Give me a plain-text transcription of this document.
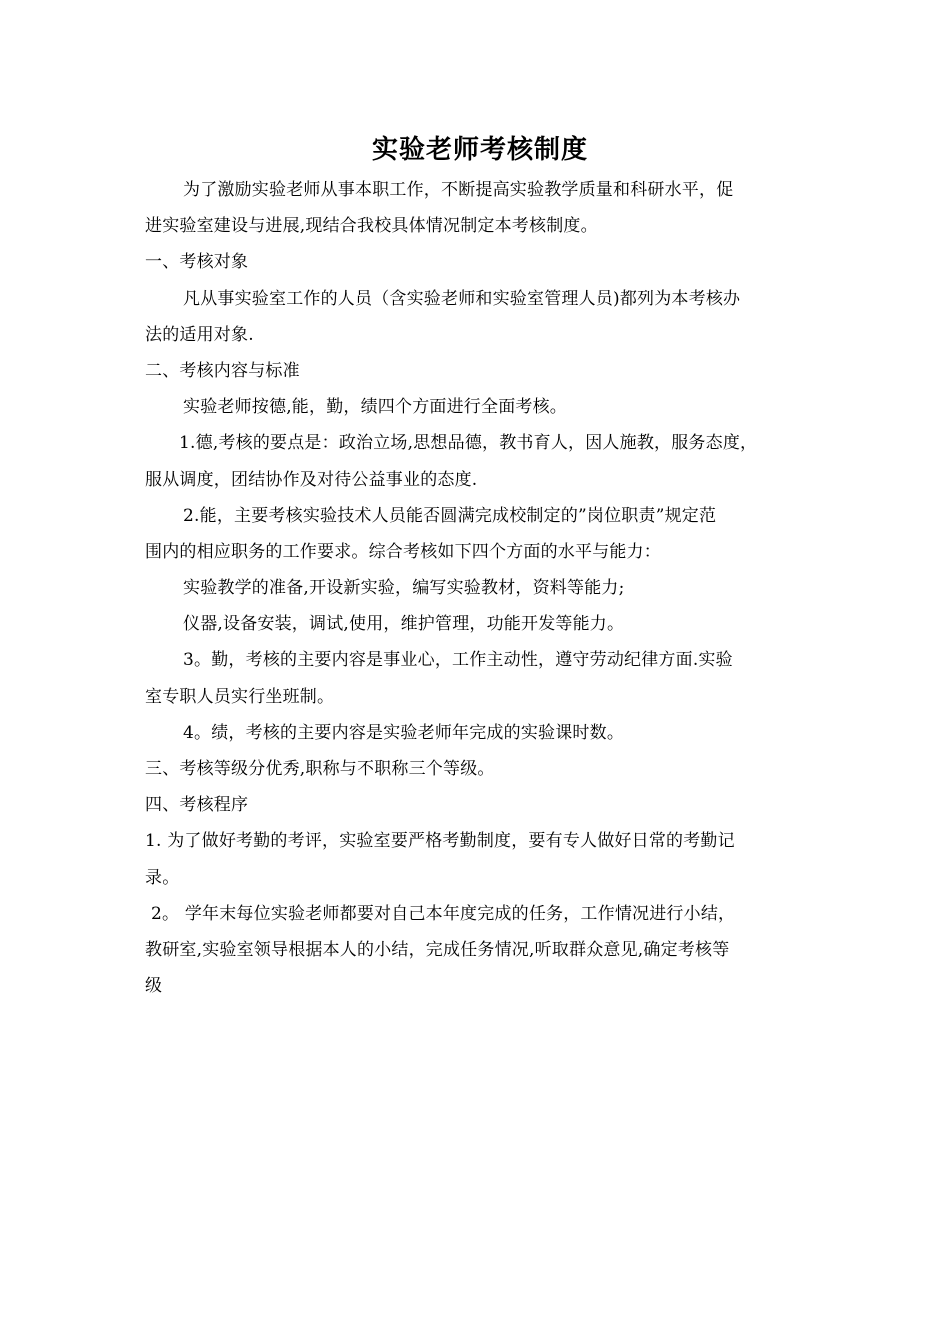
实验老师考核制度
为了激励实验老师从事本职工作，不断提高实验教学质量和科研水平，促
进实验室建设与进展,现结合我校具体情况制定本考核制度。
一、考核对象
凡从事实验室工作的人员（含实验老师和实验室管理人员)都列为本考核办
法的适用对象.
二、考核内容与标准
实验老师按德,能，勤，绩四个方面进行全面考核。
1.德,考核的要点是：政治立场,思想品德，教书育人，因人施教，服务态度，
服从调度，团结协作及对待公益事业的态度.
2.能，主要考核实验技术人员能否圆满完成校制定的”岗位职责”规定范
围内的相应职务的工作要求。综合考核如下四个方面的水平与能力：
实验教学的准备,开设新实验，编写实验教材，资料等能力;
仪器,设备安装，调试,使用，维护管理，功能开发等能力。
3。勤，考核的主要内容是事业心，工作主动性，遵守劳动纪律方面.实验
室专职人员实行坐班制。
4。绩，考核的主要内容是实验老师年完成的实验课时数。
三、考核等级分优秀,职称与不职称三个等级。
四、考核程序
1. 为了做好考勤的考评，实验室要严格考勤制度，要有专人做好日常的考勤记
录。
2。 学年末每位实验老师都要对自己本年度完成的任务，工作情况进行小结，
教研室,实验室领导根据本人的小结，完成任务情况,听取群众意见,确定考核等
级
